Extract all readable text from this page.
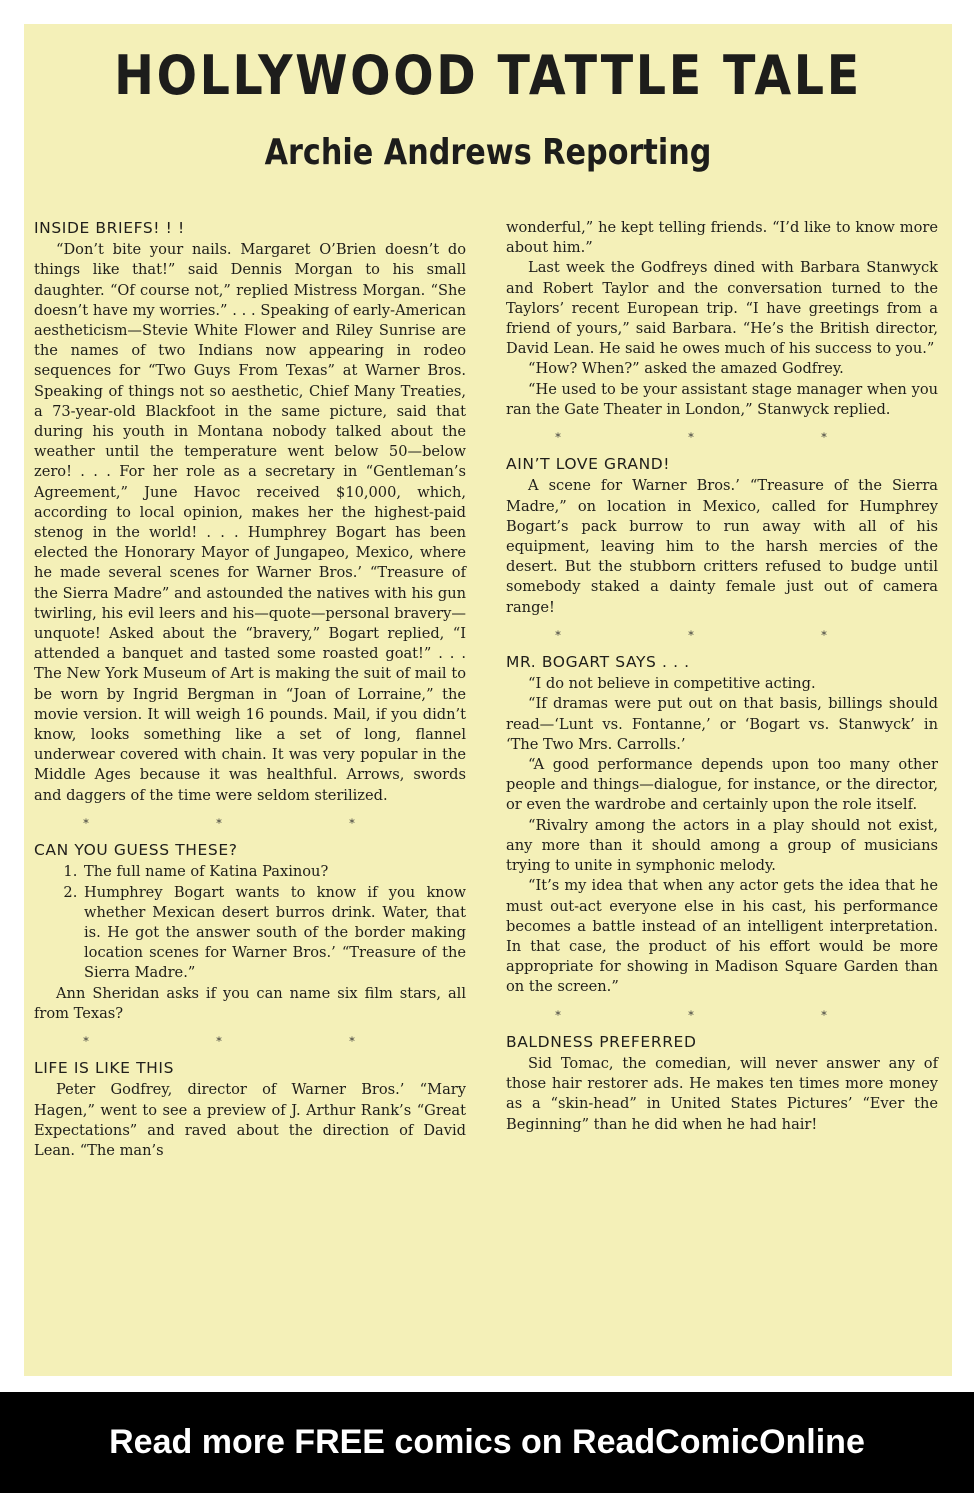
HOLLYWOOD TATTLE TALE
Archie Andrews Reporting
INSIDE BRIEFS! ! !

“Don’t bite your nails. Margaret O’Brien doesn’t do things like that!” said Dennis Morgan to his small daughter. “Of course not,” replied Mistress Morgan. “She doesn’t have my worries.” . . . Speaking of early-American aestheticism—Stevie White Flower and Riley Sunrise are the names of two Indians now appearing in rodeo sequences for “Two Guys From Texas” at Warner Bros. Speaking of things not so aesthetic, Chief Many Treaties, a 73-year-old Blackfoot in the same picture, said that during his youth in Montana nobody talked about the weather until the temperature went below 50—below zero! . . . For her role as a secretary in “Gentleman’s Agreement,” June Havoc received $10,000, which, according to local opinion, makes her the highest-paid stenog in the world! . . . Humphrey Bogart has been elected the Honorary Mayor of Jungapeo, Mexico, where he made several scenes for Warner Bros.’ “Treasure of the Sierra Madre” and astounded the natives with his gun twirling, his evil leers and his—quote—personal bravery—unquote! Asked about the “bravery,” Bogart replied, “I attended a banquet and tasted some roasted goat!” . . . The New York Museum of Art is making the suit of mail to be worn by Ingrid Bergman in “Joan of Lorraine,” the movie version. It will weigh 16 pounds. Mail, if you didn’t know, looks something like a set of long, flannel underwear covered with chain. It was very popular in the Middle Ages because it was healthful. Arrows, swords and daggers of the time were seldom sterilized.

* * *
CAN YOU GUESS THESE?
1. The full name of Katina Paxinou?
2. Humphrey Bogart wants to know if you know whether Mexican desert burros drink. Water, that is. He got the answer south of the border making location scenes for Warner Bros.’ “Treasure of the Sierra Madre.”

Ann Sheridan asks if you can name six film stars, all from Texas?

* * *
LIFE IS LIKE THIS

Peter Godfrey, director of Warner Bros.’ “Mary Hagen,” went to see a preview of J. Arthur Rank’s “Great Expectations” and raved about the direction of David Lean. “The man’s

wonderful,” he kept telling friends. “I’d like to know more about him.”

Last week the Godfreys dined with Barbara Stanwyck and Robert Taylor and the conversation turned to the Taylors’ recent European trip. “I have greetings from a friend of yours,” said Barbara. “He’s the British director, David Lean. He said he owes much of his success to you.”

“How? When?” asked the amazed Godfrey.

“He used to be your assistant stage manager when you ran the Gate Theater in London,” Stanwyck replied.

* * *
AIN’T LOVE GRAND!

A scene for Warner Bros.’ “Treasure of the Sierra Madre,” on location in Mexico, called for Humphrey Bogart’s pack burrow to run away with all of his equipment, leaving him to the harsh mercies of the desert. But the stubborn critters refused to budge until somebody staked a dainty female just out of camera range!

* * *
MR. BOGART SAYS . . .

“I do not believe in competitive acting.

“If dramas were put out on that basis, billings should read—‘Lunt vs. Fontanne,’ or ‘Bogart vs. Stanwyck’ in ‘The Two Mrs. Carrolls.’

“A good performance depends upon too many other people and things—dialogue, for instance, or the director, or even the wardrobe and certainly upon the role itself.

“Rivalry among the actors in a play should not exist, any more than it should among a group of musicians trying to unite in symphonic melody.

“It’s my idea that when any actor gets the idea that he must out-act everyone else in his cast, his performance becomes a battle instead of an intelligent interpretation. In that case, the product of his effort would be more appropriate for showing in Madison Square Garden than on the screen.”

* * *
BALDNESS PREFERRED

Sid Tomac, the comedian, will never answer any of those hair restorer ads. He makes ten times more money as a “skin-head” in United States Pictures’ “Ever the Beginning” than he did when he had hair!

Read more FREE comics on ReadComicOnline
